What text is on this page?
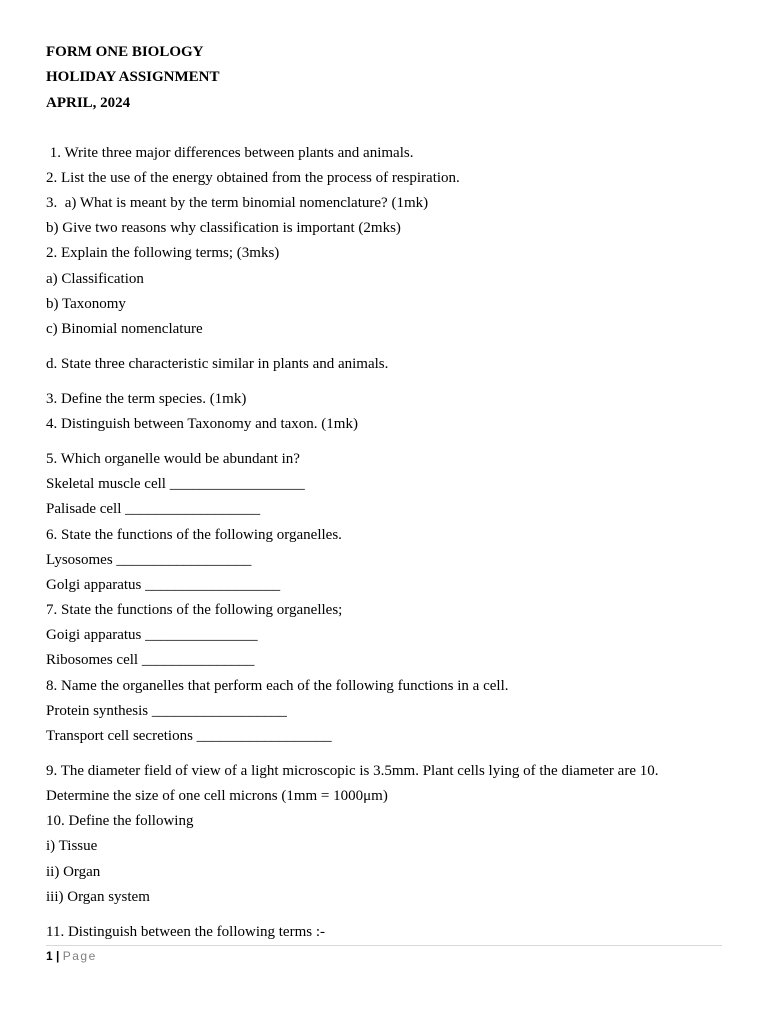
FORM ONE BIOLOGY
HOLIDAY ASSIGNMENT
APRIL, 2024
1. Write three major differences between plants and animals.
2. List the use of the energy obtained from the process of respiration.
3.  a) What is meant by the term binomial nomenclature? (1mk)
b) Give two reasons why classification is important (2mks)
2. Explain the following terms; (3mks)
a) Classification
b) Taxonomy
c) Binomial nomenclature
d. State three characteristic similar in plants and animals.
3. Define the term species. (1mk)
4. Distinguish between Taxonomy and taxon. (1mk)
5. Which organelle would be abundant in?
Skeletal muscle cell __________________
Palisade cell __________________
6. State the functions of the following organelles.
Lysosomes __________________
Golgi apparatus __________________
7. State the functions of the following organelles;
Goigi apparatus _______________
Ribosomes cell _______________
8. Name the organelles that perform each of the following functions in a cell.
Protein synthesis __________________
Transport cell secretions __________________
9. The diameter field of view of a light microscopic is 3.5mm. Plant cells lying of the diameter are 10.
Determine the size of one cell microns (1mm = 1000μm)
10. Define the following
i) Tissue
ii) Organ
iii) Organ system
11. Distinguish between the following terms :-
1 | Page
